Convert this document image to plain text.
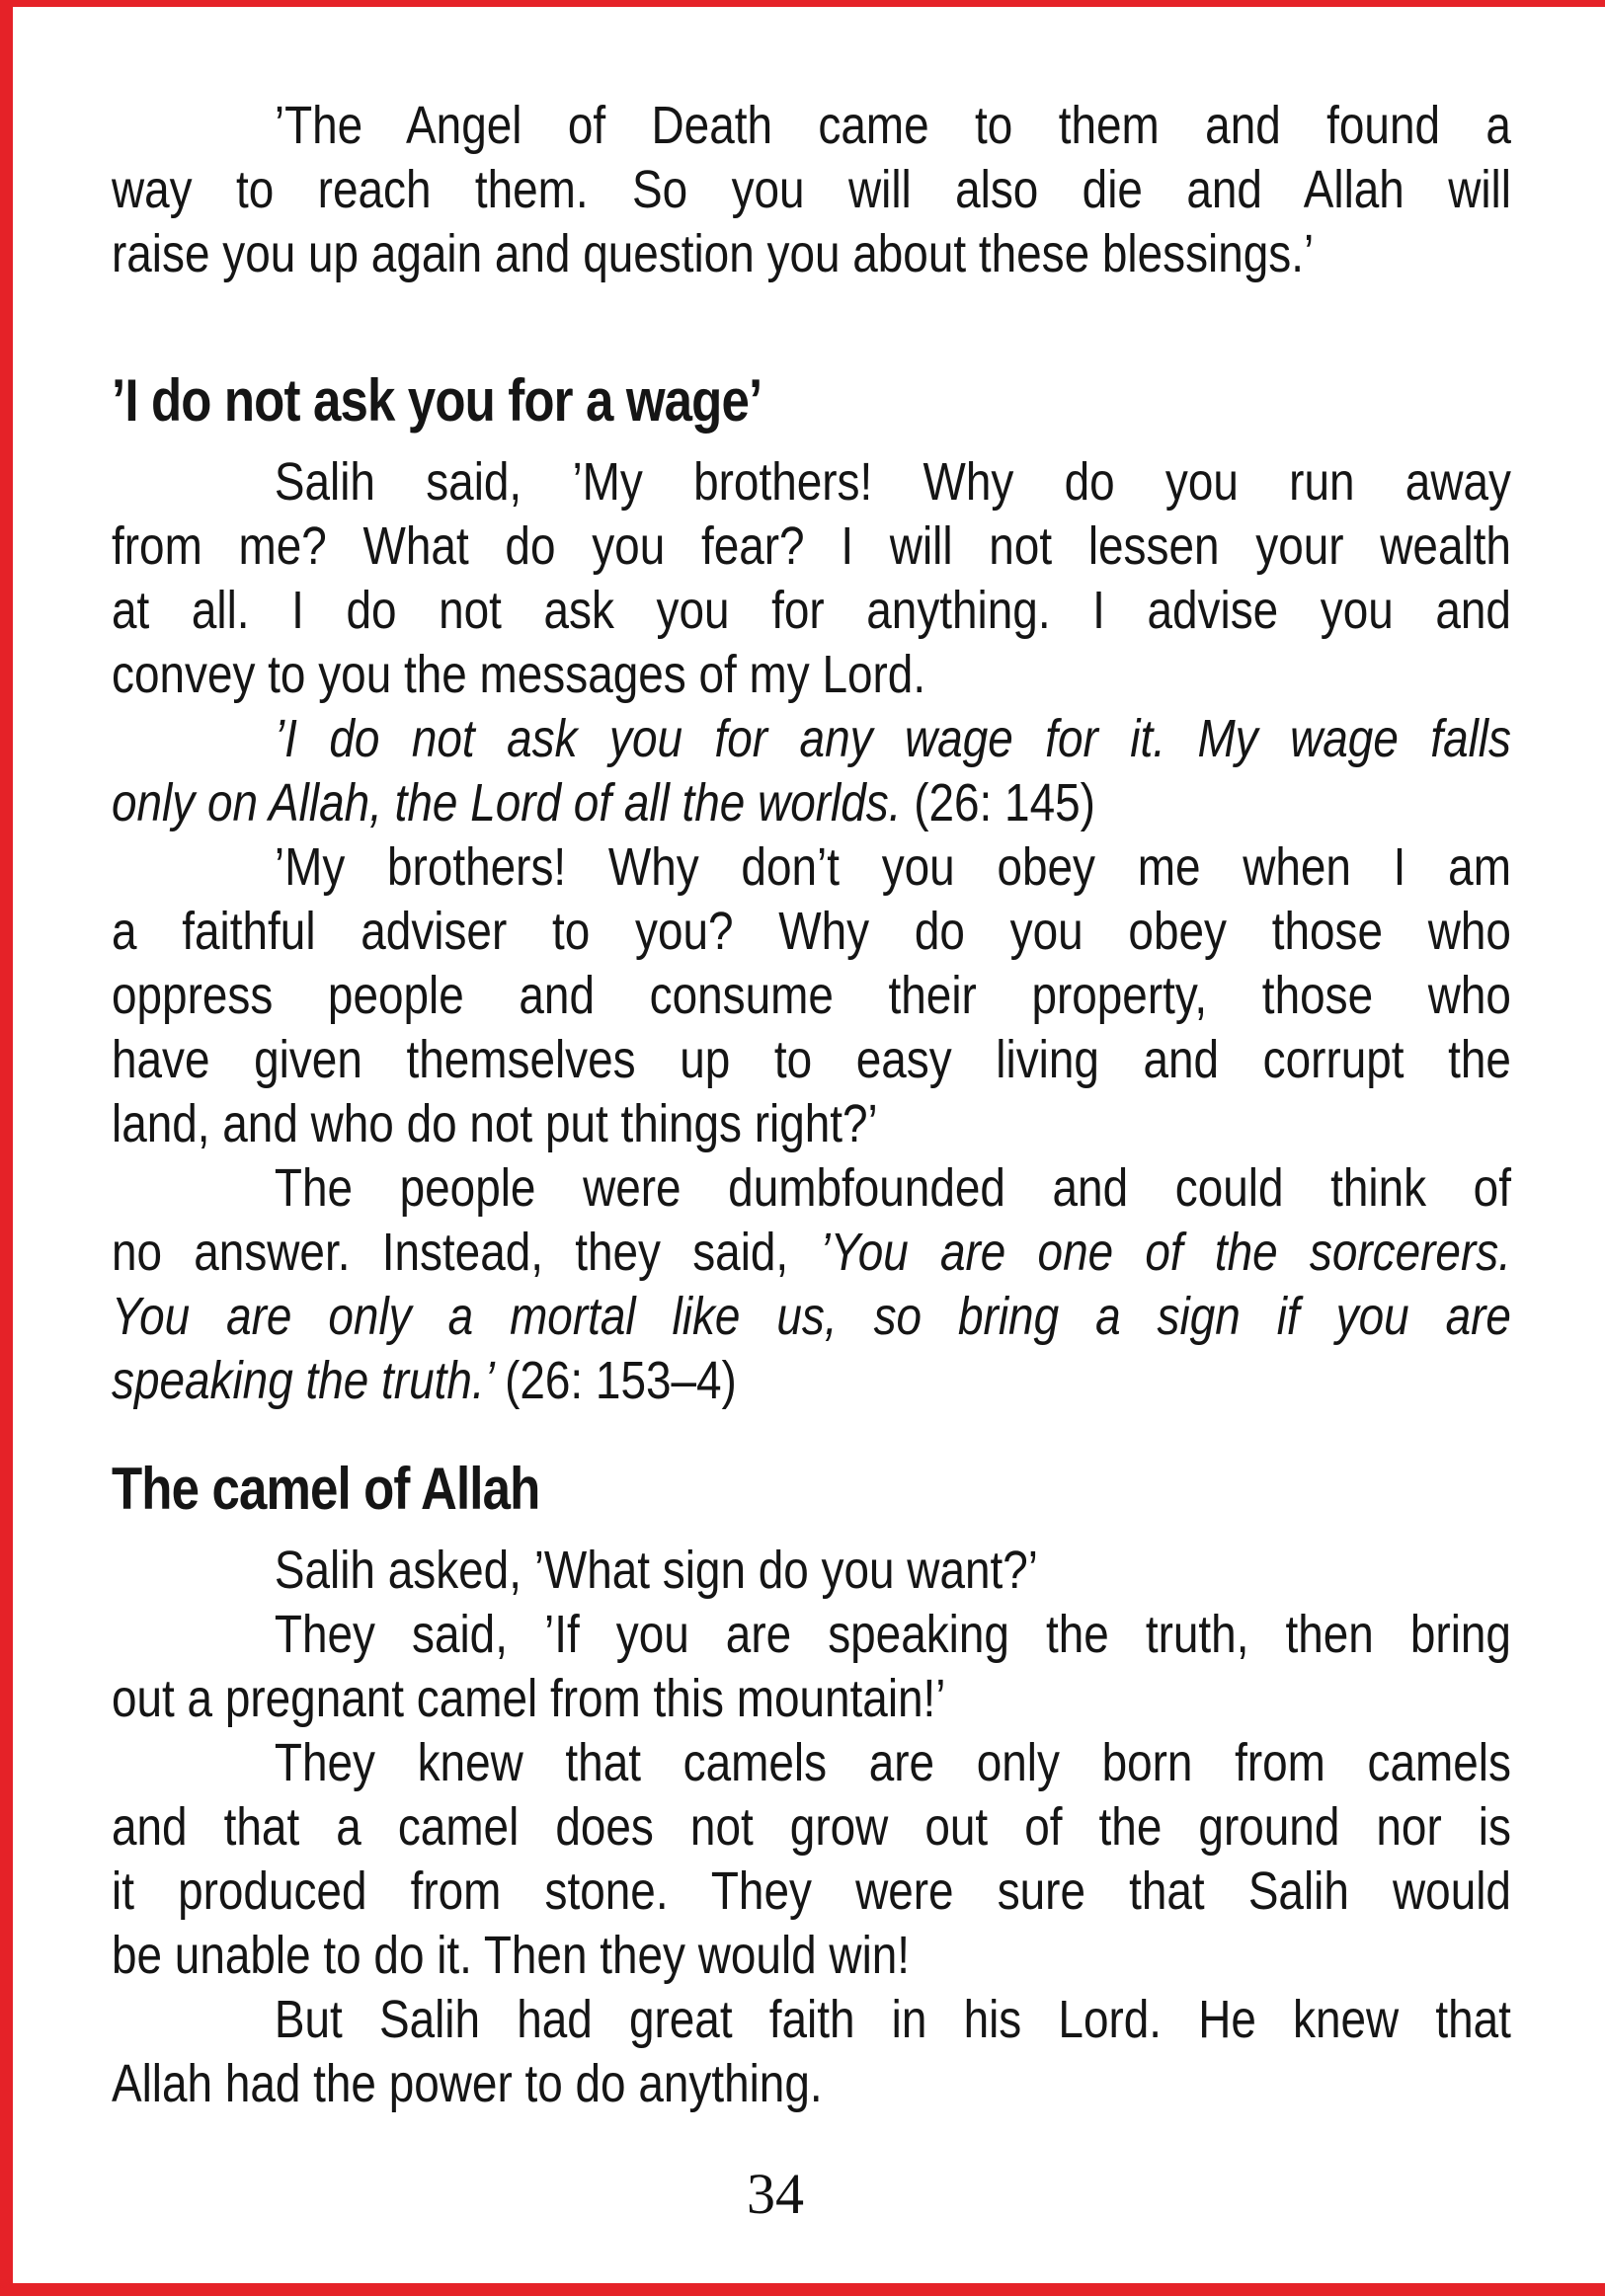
’The Angel of Death came to them and found a
way to reach them. So you will also die and Allah will
raise you up again and question you about these blessings.’
’I do not ask you for a wage’
Salih said, ’My brothers! Why do you run away
from me? What do you fear? I will not lessen your wealth
at all. I do not ask you for anything. I advise you and
convey to you the messages of my Lord.
’I do not ask you for any wage for it. My wage falls
only on Allah, the Lord of all the worlds. (26: 145)
’My brothers! Why don’t you obey me when I am
a faithful adviser to you? Why do you obey those who
oppress people and consume their property, those who
have given themselves up to easy living and corrupt the
land, and who do not put things right?’
The people were dumbfounded and could think of
no answer. Instead, they said, ’You are one of the sorcerers.
You are only a mortal like us, so bring a sign if you are
speaking the truth.’ (26: 153–4)
The camel of Allah
Salih asked, ’What sign do you want?’
They said, ’If you are speaking the truth, then bring
out a pregnant camel from this mountain!’
They knew that camels are only born from camels
and that a camel does not grow out of the ground nor is
it produced from stone. They were sure that Salih would
be unable to do it. Then they would win!
But Salih had great faith in his Lord. He knew that
Allah had the power to do anything.
34
